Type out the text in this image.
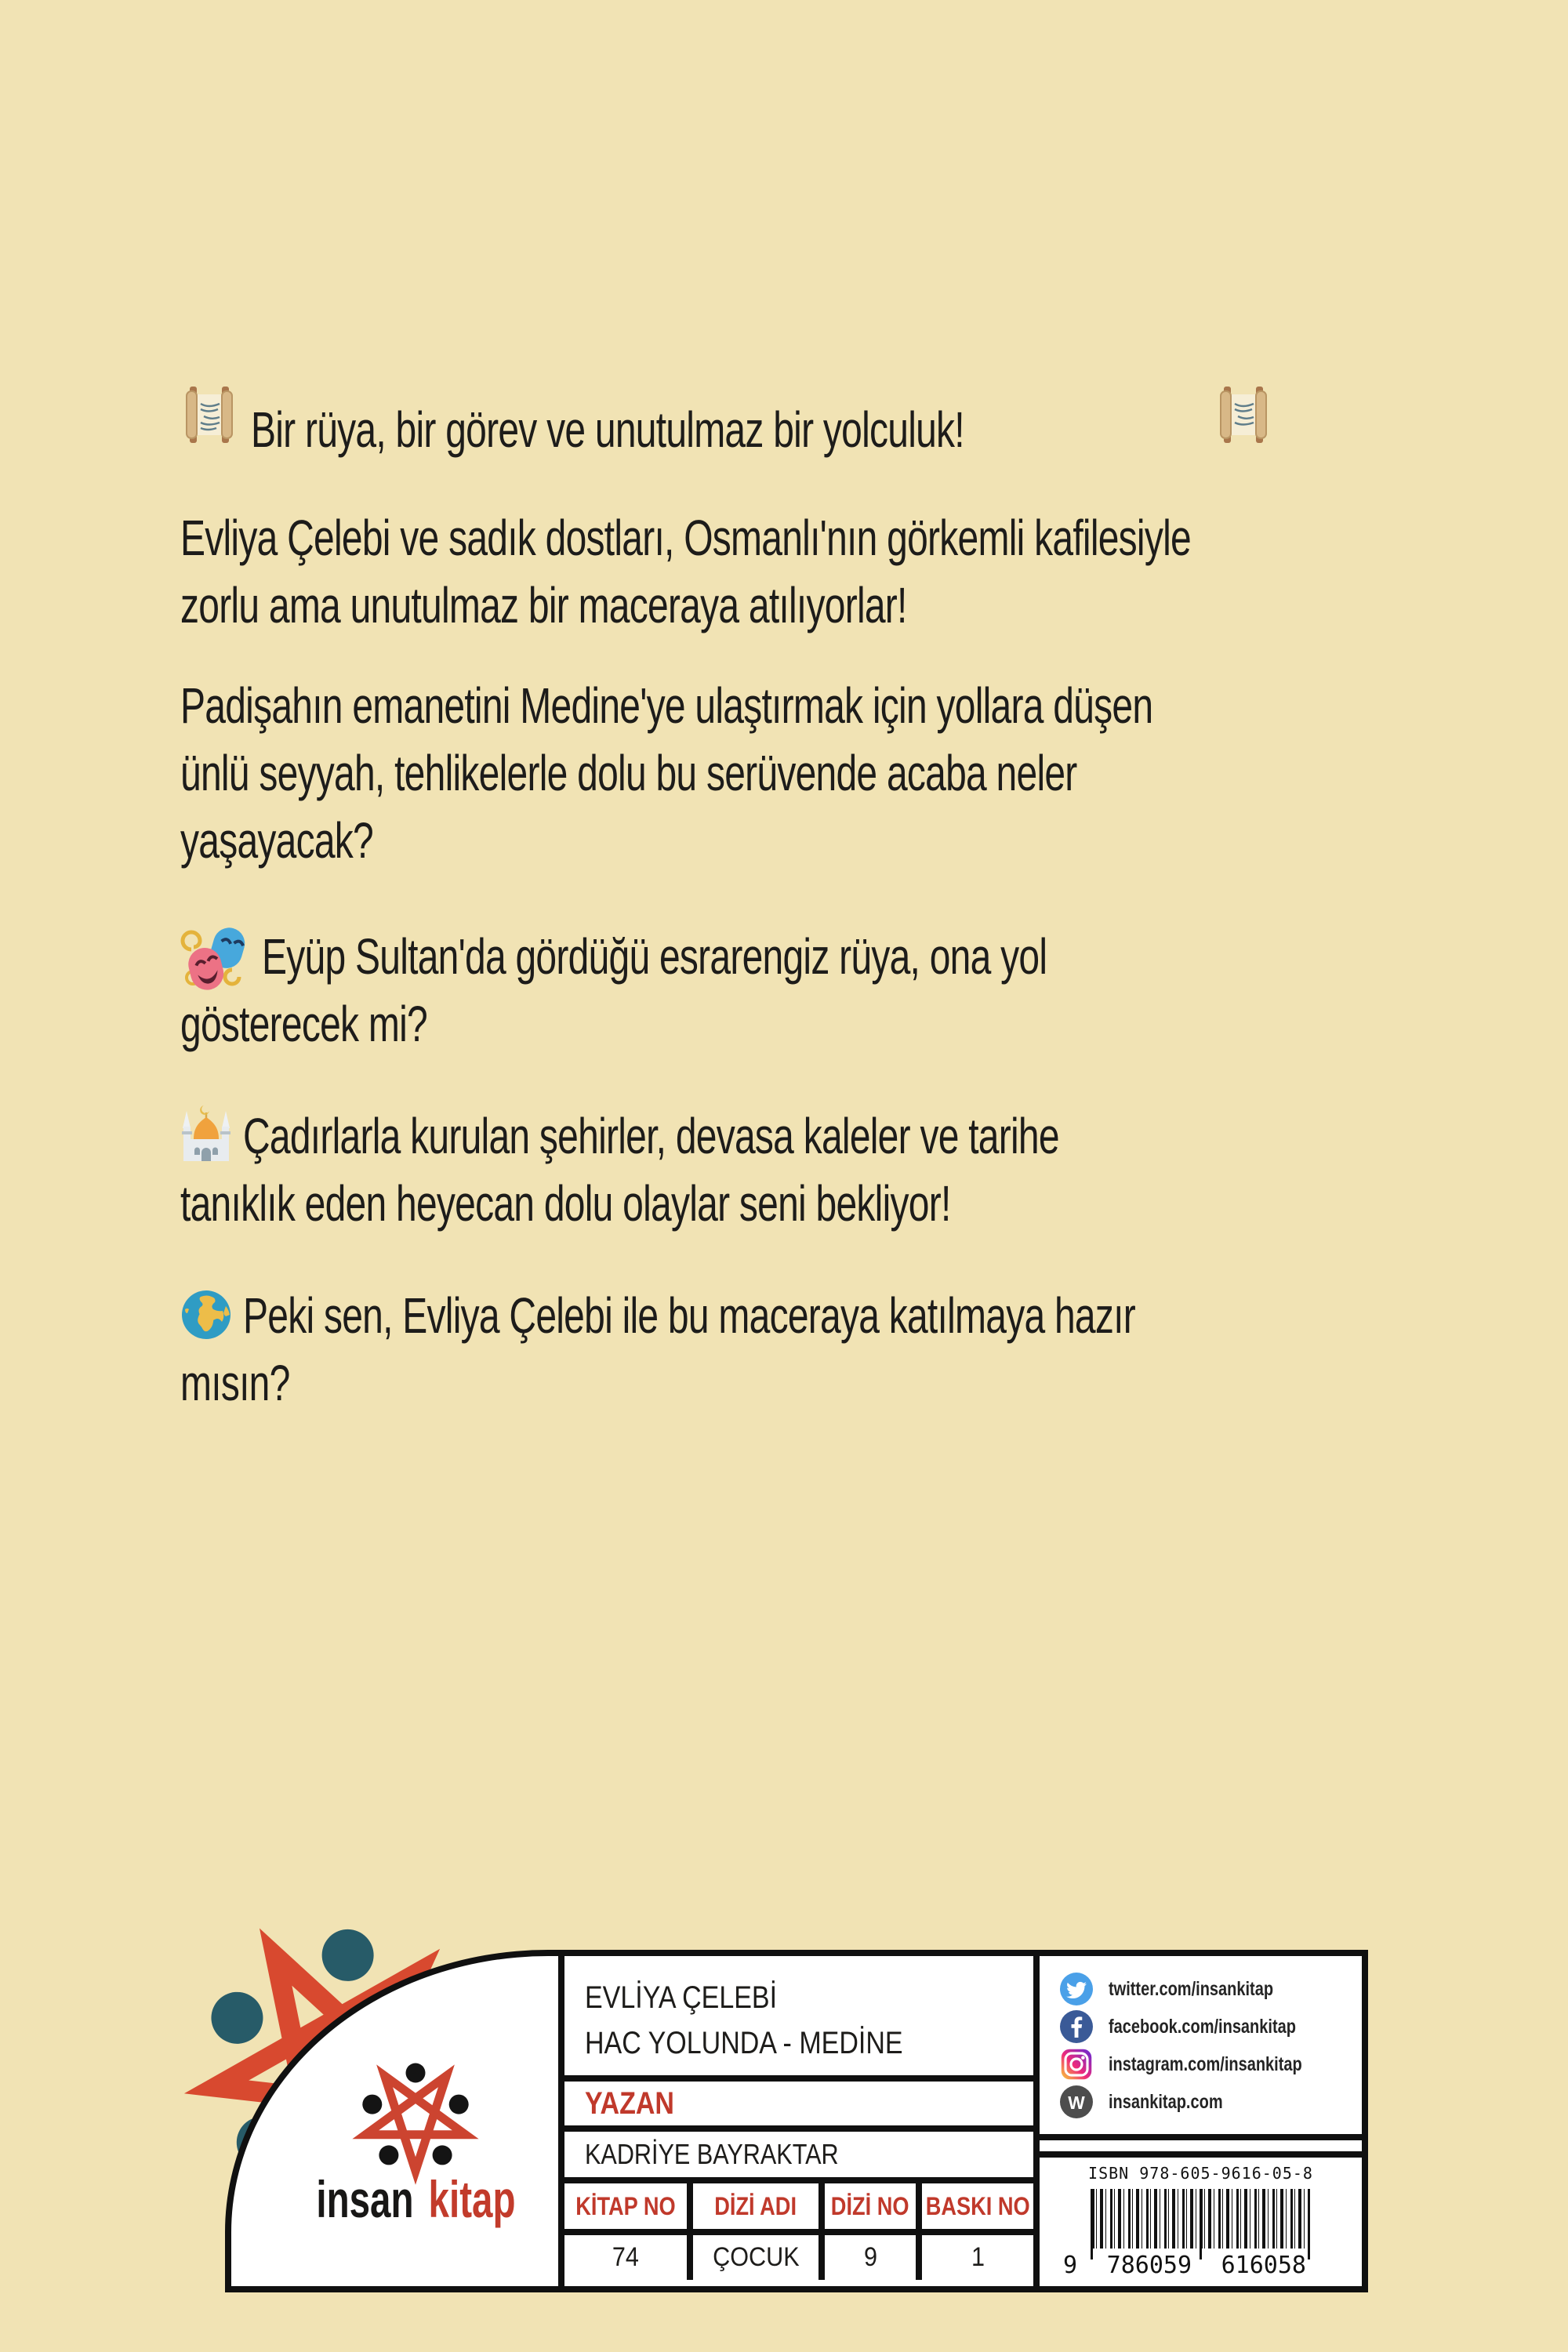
Bir rüya, bir görev ve unutulmaz bir yolculuk!
Evliya Çelebi ve sadık dostları, Osmanlı'nın görkemli kafilesiyle
zorlu ama unutulmaz bir maceraya atılıyorlar!
Padişahın emanetini Medine'ye ulaştırmak için yollara düşen
ünlü seyyah, tehlikelerle dolu bu serüvende acaba neler
yaşayacak?
Eyüp Sultan'da gördüğü esrarengiz rüya, ona yol
gösterecek mi?
Çadırlarla kurulan şehirler, devasa kaleler ve tarihe
tanıklık eden heyecan dolu olaylar seni bekliyor!
Peki sen, Evliya Çelebi ile bu maceraya katılmaya hazır
mısın?
insan   kitap
EVLİYA ÇELEBİ
HAC YOLUNDA - MEDİNE
YAZAN
KADRİYE BAYRAKTAR
KİTAP NO DİZİ ADI DİZİ NO BASKI NO
74	ÇOCUK 9	1
twitter.com/insankitap
facebook.com/insankitap
instagram.com/insankitap
W insankitap.com
ISBN 978-605-9616-05-8
9 786059 616058
